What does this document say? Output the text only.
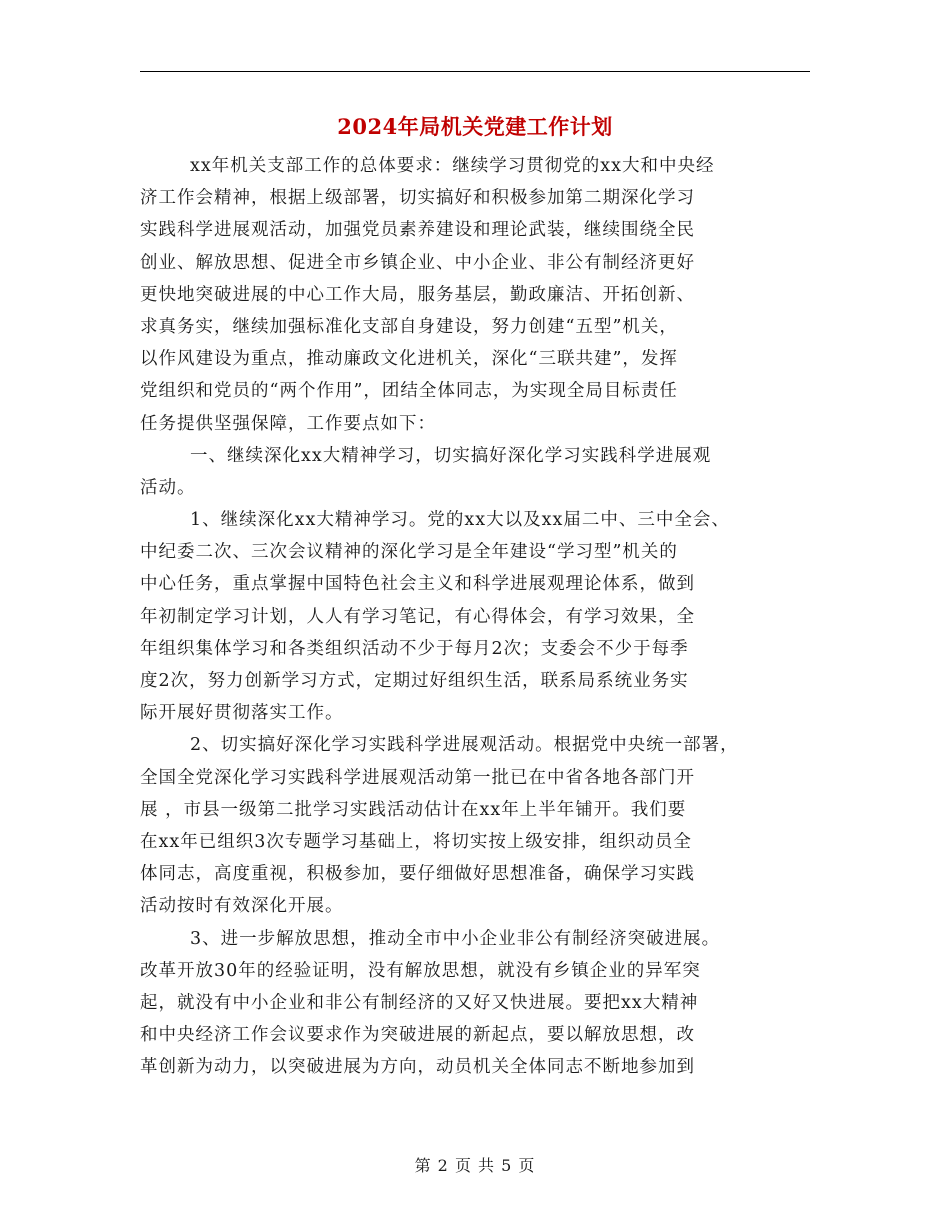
2024年局机关党建工作计划
xx年机关支部工作的总体要求：继续学习贯彻党的xx大和中央经
济工作会精神，根据上级部署，切实搞好和积极参加第二期深化学习
实践科学进展观活动，加强党员素养建设和理论武装，继续围绕全民
创业、解放思想、促进全市乡镇企业、中小企业、非公有制经济更好
更快地突破进展的中心工作大局，服务基层，勤政廉洁、开拓创新、
求真务实，继续加强标准化支部自身建设，努力创建“五型”机关，
以作风建设为重点，推动廉政文化进机关，深化“三联共建”，发挥
党组织和党员的“两个作用”，团结全体同志，为实现全局目标责任
任务提供坚强保障，工作要点如下：
一、继续深化xx大精神学习，切实搞好深化学习实践科学进展观
活动。
1、继续深化xx大精神学习。党的xx大以及xx届二中、三中全会、
中纪委二次、三次会议精神的深化学习是全年建设“学习型”机关的
中心任务，重点掌握中国特色社会主义和科学进展观理论体系，做到
年初制定学习计划，人人有学习笔记，有心得体会，有学习效果，全
年组织集体学习和各类组织活动不少于每月2次；支委会不少于每季
度2次，努力创新学习方式，定期过好组织生活，联系局系统业务实
际开展好贯彻落实工作。
2、切实搞好深化学习实践科学进展观活动。根据党中央统一部署，
全国全党深化学习实践科学进展观活动第一批已在中省各地各部门开
展 ，市县一级第二批学习实践活动估计在xx年上半年铺开。我们要
在xx年已组织3次专题学习基础上，将切实按上级安排，组织动员全
体同志，高度重视，积极参加，要仔细做好思想准备，确保学习实践
活动按时有效深化开展。
3、进一步解放思想，推动全市中小企业非公有制经济突破进展。
改革开放30年的经验证明，没有解放思想，就没有乡镇企业的异军突
起，就没有中小企业和非公有制经济的又好又快进展。要把xx大精神
和中央经济工作会议要求作为突破进展的新起点，要以解放思想，改
革创新为动力，以突破进展为方向，动员机关全体同志不断地参加到
第 2 页 共 5 页
